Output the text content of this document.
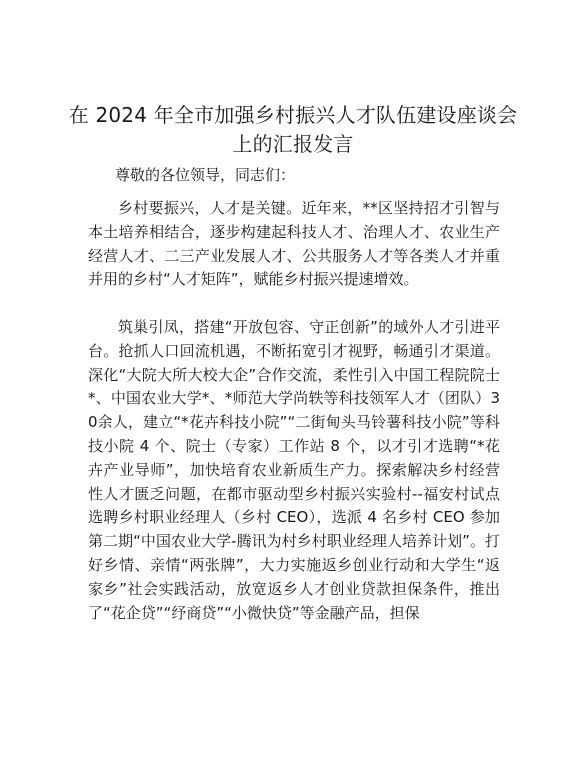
在 2024 年全市加强乡村振兴人才队伍建设座谈会上的汇报发言

尊敬的各位领导，同志们：

乡村要振兴，人才是关键。近年来，**区坚持招才引智与本土培养相结合，逐步构建起科技人才、治理人才、农业生产经营人才、二三产业发展人才、公共服务人才等各类人才并重并用的乡村“人才矩阵”，赋能乡村振兴提速增效。

筑巢引凤，搭建“开放包容、守正创新”的域外人才引进平台。抢抓人口回流机遇，不断拓宽引才视野，畅通引才渠道。深化“大院大所大校大企”合作交流，柔性引入中国工程院院士*、中国农业大学*、*师范大学尚轶等科技领军人才（团队）30余人，建立“*花卉科技小院”“二街甸头马铃薯科技小院”等科技小院 4 个、院士（专家）工作站 8 个，以才引才选聘“*花卉产业导师”，加快培育农业新质生产力。探索解决乡村经营性人才匮乏问题，在都市驱动型乡村振兴实验村--福安村试点选聘乡村职业经理人（乡村 CEO），选派 4 名乡村 CEO 参加第二期“中国农业大学-腾讯为村乡村职业经理人培养计划”。打好乡情、亲情“两张牌”，大力实施返乡创业行动和大学生“返家乡”社会实践活动，放宽返乡人才创业贷款担保条件，推出了“花企贷”“纾商贷”“小微快贷”等金融产品，担保
